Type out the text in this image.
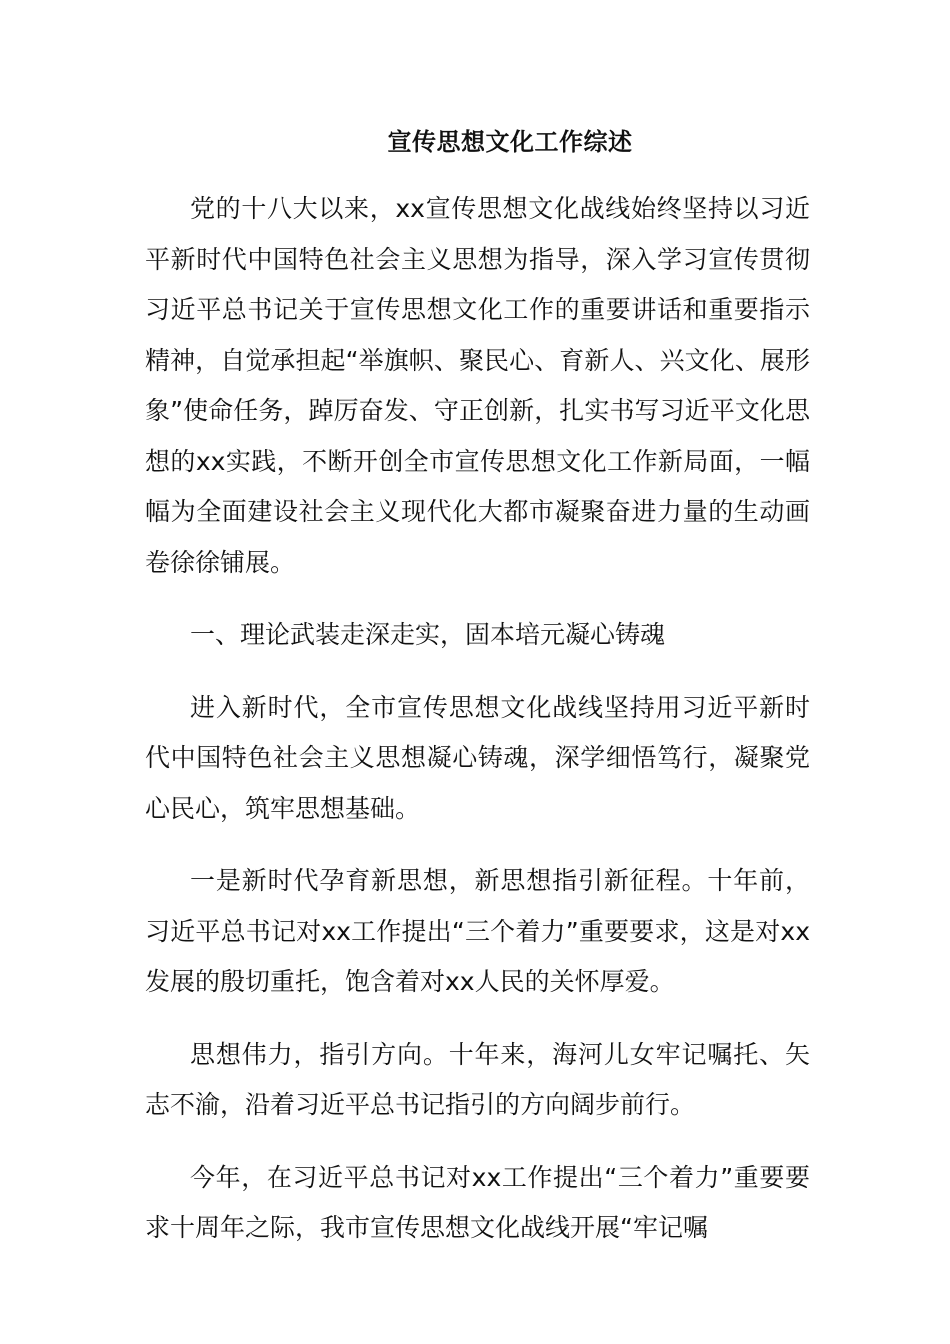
宣传思想文化工作综述

党的十八大以来，xx宣传思想文化战线始终坚持以习近平新时代中国特色社会主义思想为指导，深入学习宣传贯彻习近平总书记关于宣传思想文化工作的重要讲话和重要指示精神，自觉承担起“举旗帜、聚民心、育新人、兴文化、展形象”使命任务，踔厉奋发、守正创新，扎实书写习近平文化思想的xx实践，不断开创全市宣传思想文化工作新局面，一幅幅为全面建设社会主义现代化大都市凝聚奋进力量的生动画卷徐徐铺展。

一、理论武装走深走实，固本培元凝心铸魂

进入新时代，全市宣传思想文化战线坚持用习近平新时代中国特色社会主义思想凝心铸魂，深学细悟笃行，凝聚党心民心，筑牢思想基础。

一是新时代孕育新思想，新思想指引新征程。十年前，习近平总书记对xx工作提出“三个着力”重要要求，这是对xx发展的殷切重托，饱含着对xx人民的关怀厚爱。

思想伟力，指引方向。十年来，海河儿女牢记嘱托、矢志不渝，沿着习近平总书记指引的方向阔步前行。

今年，在习近平总书记对xx工作提出“三个着力”重要要求十周年之际，我市宣传思想文化战线开展“牢记嘱
